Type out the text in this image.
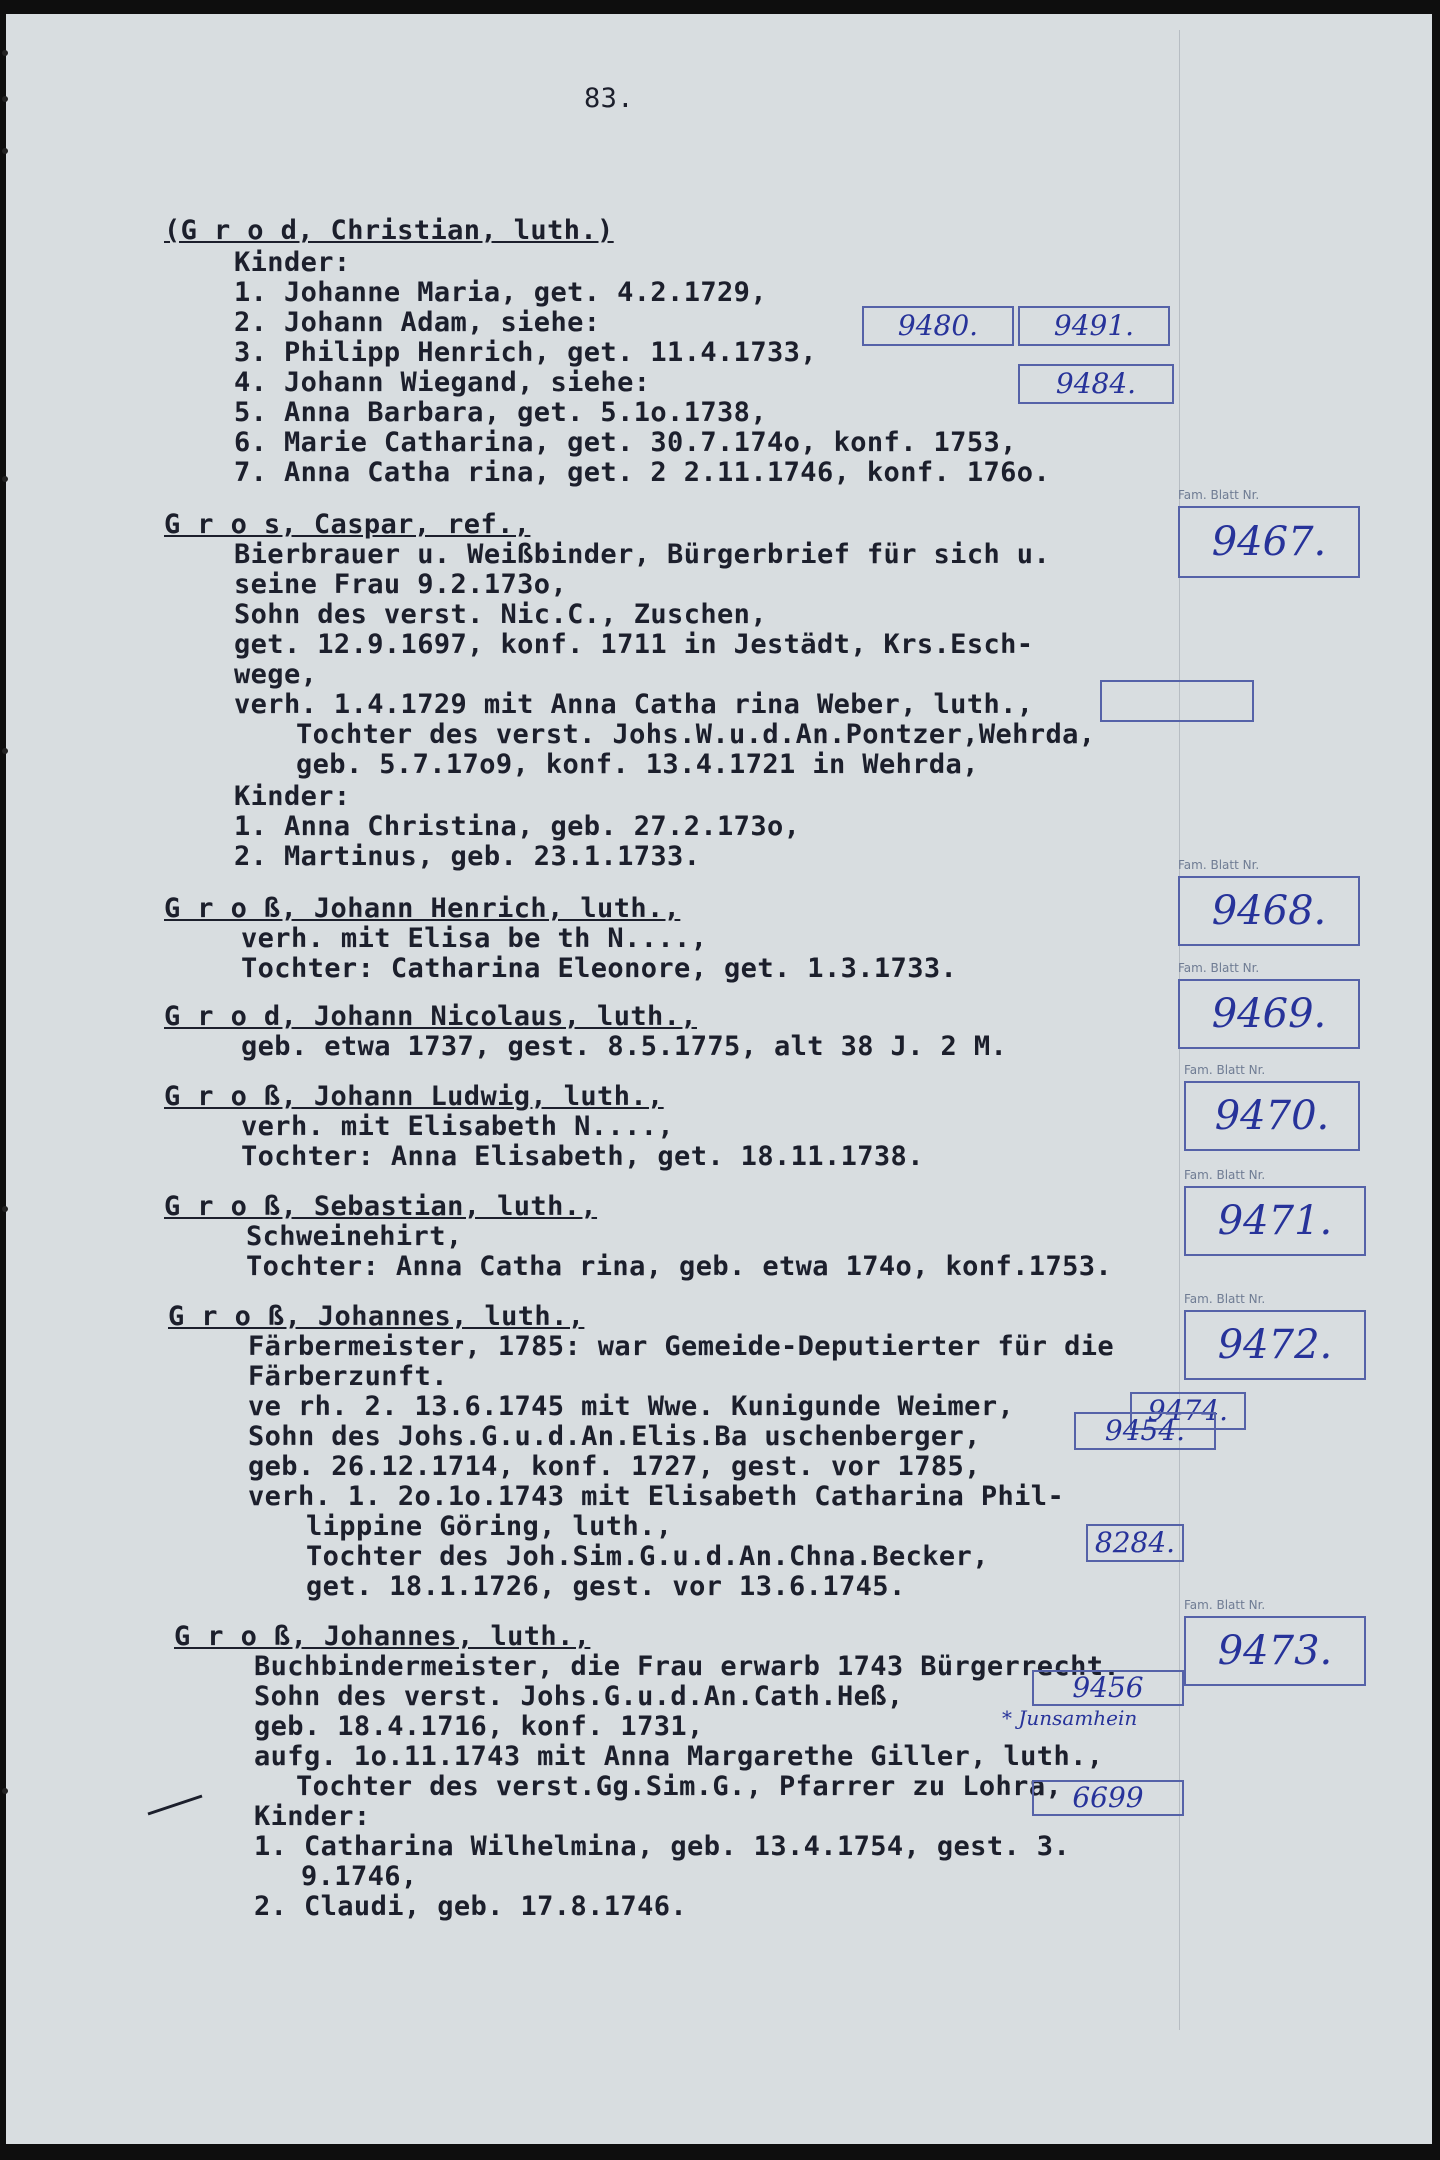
83.
(G r o d, Christian, luth.)
Kinder:
1. Johanne Maria, get. 4.2.1729,
2. Johann Adam, siehe:
3. Philipp Henrich, get. 11.4.1733,
4. Johann Wiegand, siehe:
5. Anna Barbara, get. 5.1o.1738,
6. Marie Catharina, get. 30.7.174o, konf. 1753,
7. Anna Catha rina, get. 2 2.11.1746, konf. 176o.
G r o s, Caspar, ref.,
Bierbrauer u. Weißbinder, Bürgerbrief für sich u.
seine Frau 9.2.173o,
Sohn des verst. Nic.C., Zuschen,
get. 12.9.1697, konf. 1711 in Jestädt, Krs.Esch-
wege,
verh. 1.4.1729 mit Anna Catha rina Weber, luth.,
Tochter des verst. Johs.W.u.d.An.Pontzer,Wehrda,
geb. 5.7.17o9, konf. 13.4.1721 in Wehrda,
Kinder:
1. Anna Christina, geb. 27.2.173o,
2. Martinus, geb. 23.1.1733.
G r o ß, Johann Henrich, luth.,
verh. mit Elisa be th N....,
Tochter: Catharina Eleonore, get. 1.3.1733.
G r o d, Johann Nicolaus, luth.,
geb. etwa 1737, gest. 8.5.1775, alt 38 J. 2 M.
G r o ß, Johann Ludwig, luth.,
verh. mit Elisabeth N....,
Tochter: Anna Elisabeth, get. 18.11.1738.
G r o ß, Sebastian, luth.,
Schweinehirt,
Tochter: Anna Catha rina, geb. etwa 174o, konf.1753.
G r o ß, Johannes, luth.,
Färbermeister, 1785: war Gemeide-Deputierter für die
Färberzunft.
ve rh. 2. 13.6.1745 mit Wwe. Kunigunde Weimer,
Sohn des Johs.G.u.d.An.Elis.Ba uschenberger,
geb. 26.12.1714, konf. 1727, gest. vor 1785,
verh. 1. 2o.1o.1743 mit Elisabeth Catharina Phil-
lippine Göring, luth.,
Tochter des Joh.Sim.G.u.d.An.Chna.Becker,
get. 18.1.1726, gest. vor 13.6.1745.
G r o ß, Johannes, luth.,
Buchbindermeister, die Frau erwarb 1743 Bürgerrecht.
Sohn des verst. Johs.G.u.d.An.Cath.Heß,
geb. 18.4.1716, konf. 1731,
aufg. 1o.11.1743 mit Anna Margarethe Giller, luth.,
Tochter des verst.Gg.Sim.G., Pfarrer zu Lohra,
Kinder:
1. Catharina Wilhelmina, geb. 13.4.1754, gest. 3.
9.1746,
2. Claudi, geb. 17.8.1746.
Fam. Blatt Nr.
9467.
Fam. Blatt Nr.
9468.
Fam. Blatt Nr.
9469.
Fam. Blatt Nr.
9470.
Fam. Blatt Nr.
9471.
Fam. Blatt Nr.
9472.
Fam. Blatt Nr.
9473.
9480.	9491.
9484.
9474.
9454.
8284.
9456
6699
* Junsamhein
